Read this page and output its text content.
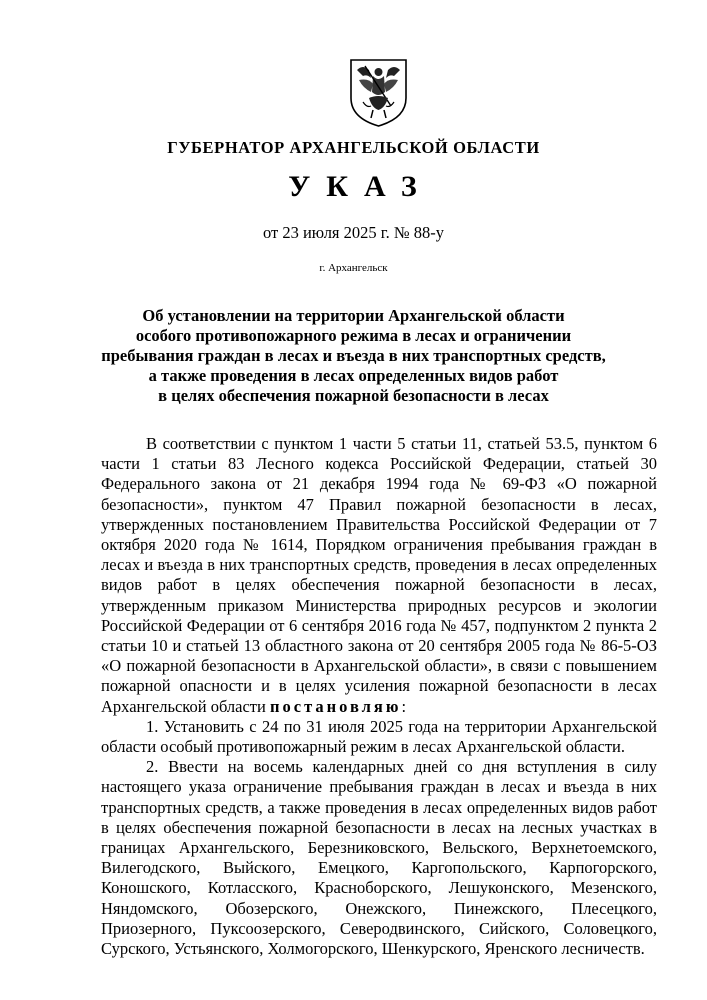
ГУБЕРНАТОР АРХАНГЕЛЬСКОЙ ОБЛАСТИ
УКАЗ
от 23 июля 2025 г. № 88-у
г. Архангельск
Об установлении на территории Архангельской области
особого противопожарного режима в лесах и ограничении
пребывания граждан в лесах и въезда в них транспортных средств,
а также проведения в лесах определенных видов работ
в целях обеспечения пожарной безопасности в лесах

В соответствии с пунктом 1 части 5 статьи 11, статьей 53.5, пунктом 6 части 1 статьи 83 Лесного кодекса Российской Федерации, статьей 30 Федерального закона от 21 декабря 1994 года № 69-ФЗ «О пожарной безопасности», пунктом 47 Правил пожарной безопасности в лесах, утвержденных постановлением Правительства Российской Федерации от 7 октября 2020 года № 1614, Порядком ограничения пребывания граждан в лесах и въезда в них транспортных средств, проведения в лесах определенных видов работ в целях обеспечения пожарной безопасности в лесах, утвержденным приказом Министерства природных ресурсов и экологии Российской Федерации от 6 сентября 2016 года № 457, подпунктом 2 пункта 2 статьи 10 и статьей 13 областного закона от 20 сентября 2005 года № 86-5-ОЗ «О пожарной безопасности в Архангельской области», в связи с повышением пожарной опасности и в целях усиления пожарной безопасности в лесах Архангельской области постановляю:

1. Установить с 24 по 31 июля 2025 года на территории Архангельской области особый противопожарный режим в лесах Архангельской области.

2. Ввести на восемь календарных дней со дня вступления в силу настоящего указа ограничение пребывания граждан в лесах и въезда в них транспортных средств, а также проведения в лесах определенных видов работ в целях обеспечения пожарной безопасности в лесах на лесных участках в границах Архангельского, Березниковского, Вельского, Верхнетоемского, Вилегодского, Выйского, Емецкого, Каргопольского, Карпогорского, Коношского, Котласского, Красноборского, Лешуконского, Мезенского, Няндомского, Обозерского, Онежского, Пинежского, Плесецкого, Приозерного, Пуксоозерского, Северодвинского, Сийского, Соловецкого, Сурского, Устьянского, Холмогорского, Шенкурского, Яренского лесничеств.
